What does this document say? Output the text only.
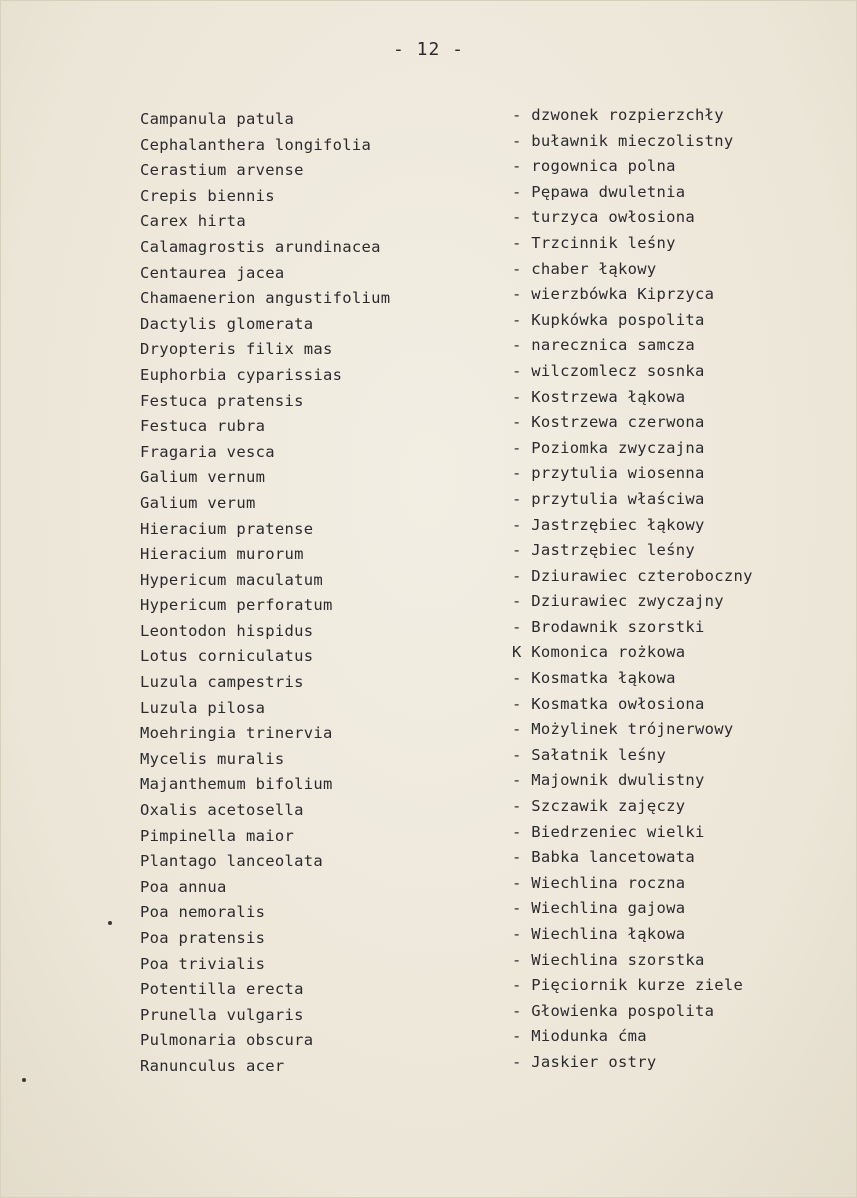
- 12 -
Campanula patula
Cephalanthera longifolia
Cerastium arvense
Crepis biennis
Carex hirta
Calamagrostis arundinacea
Centaurea jacea
Chamaenerion angustifolium
Dactylis glomerata
Dryopteris filix mas
Euphorbia cyparissias
Festuca pratensis
Festuca rubra
Fragaria vesca
Galium vernum
Galium verum
Hieracium pratense
Hieracium murorum
Hypericum maculatum
Hypericum perforatum
Leontodon hispidus
Lotus corniculatus
Luzula campestris
Luzula pilosa
Moehringia trinervia
Mycelis muralis
Majanthemum bifolium
Oxalis acetosella
Pimpinella maior
Plantago lanceolata
Poa annua
Poa nemoralis
Poa pratensis
Poa trivialis
Potentilla erecta
Prunella vulgaris
Pulmonaria obscura
Ranunculus acer
- dzwonek rozpierzchły
- buławnik mieczolistny
- rogownica polna
- Pępawa dwuletnia
- turzyca owłosiona
- Trzcinnik leśny
- chaber łąkowy
- wierzbówka Kiprzyca
- Kupkówka pospolita
- narecznica samcza
- wilczomlecz sosnka
- Kostrzewa łąkowa
- Kostrzewa czerwona
- Poziomka zwyczajna
- przytulia wiosenna
- przytulia właściwa
- Jastrzębiec łąkowy
- Jastrzębiec leśny
- Dziurawiec czteroboczny
- Dziurawiec zwyczajny
- Brodawnik szorstki
K Komonica rożkowa
- Kosmatka łąkowa
- Kosmatka owłosiona
- Możylinek trójnerwowy
- Sałatnik leśny
- Majownik dwulistny
- Szczawik zajęczy
- Biedrzeniec wielki
- Babka lancetowata
- Wiechlina roczna
- Wiechlina gajowa
- Wiechlina łąkowa
- Wiechlina szorstka
- Pięciornik kurze ziele
- Głowienka pospolita
- Miodunka ćma
- Jaskier ostry
